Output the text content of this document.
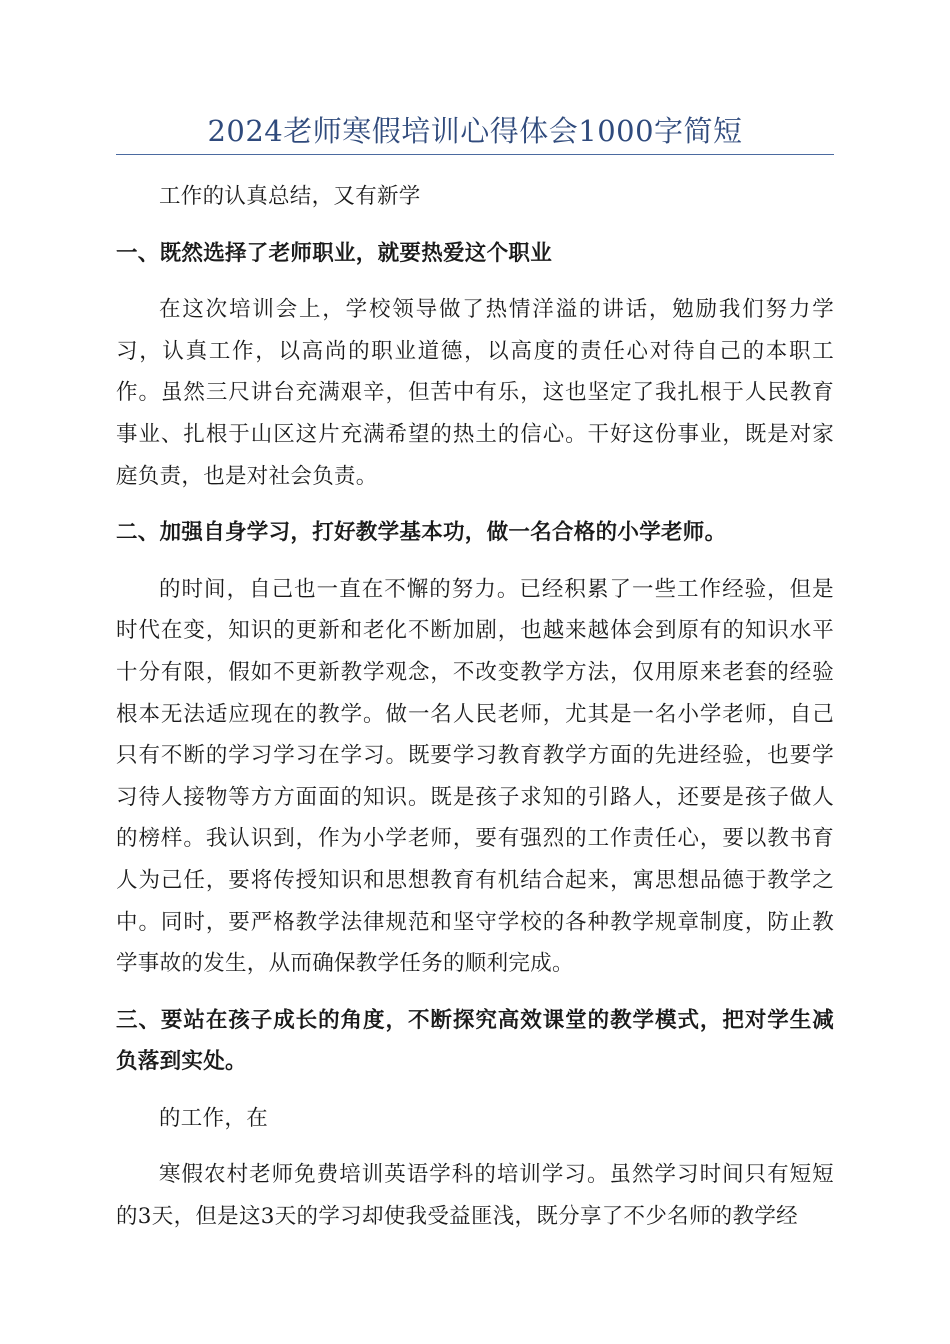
2024老师寒假培训心得体会1000字简短

工作的认真总结，又有新学

一、既然选择了老师职业，就要热爱这个职业

在这次培训会上，学校领导做了热情洋溢的讲话，勉励我们努力学习，认真工作，以高尚的职业道德，以高度的责任心对待自己的本职工作。虽然三尺讲台充满艰辛，但苦中有乐，这也坚定了我扎根于人民教育事业、扎根于山区这片充满希望的热土的信心。干好这份事业，既是对家庭负责，也是对社会负责。

二、加强自身学习，打好教学基本功，做一名合格的小学老师。

的时间，自己也一直在不懈的努力。已经积累了一些工作经验，但是时代在变，知识的更新和老化不断加剧，也越来越体会到原有的知识水平十分有限，假如不更新教学观念，不改变教学方法，仅用原来老套的经验根本无法适应现在的教学。做一名人民老师，尤其是一名小学老师，自己只有不断的学习学习在学习。既要学习教育教学方面的先进经验，也要学习待人接物等方方面面的知识。既是孩子求知的引路人，还要是孩子做人的榜样。我认识到，作为小学老师，要有强烈的工作责任心，要以教书育人为己任，要将传授知识和思想教育有机结合起来，寓思想品德于教学之中。同时，要严格教学法律规范和坚守学校的各种教学规章制度，防止教学事故的发生，从而确保教学任务的顺利完成。

三、要站在孩子成长的角度，不断探究高效课堂的教学模式，把对学生减负落到实处。

的工作，在

寒假农村老师免费培训英语学科的培训学习。虽然学习时间只有短短的3天，但是这3天的学习却使我受益匪浅，既分享了不少名师的教学经
